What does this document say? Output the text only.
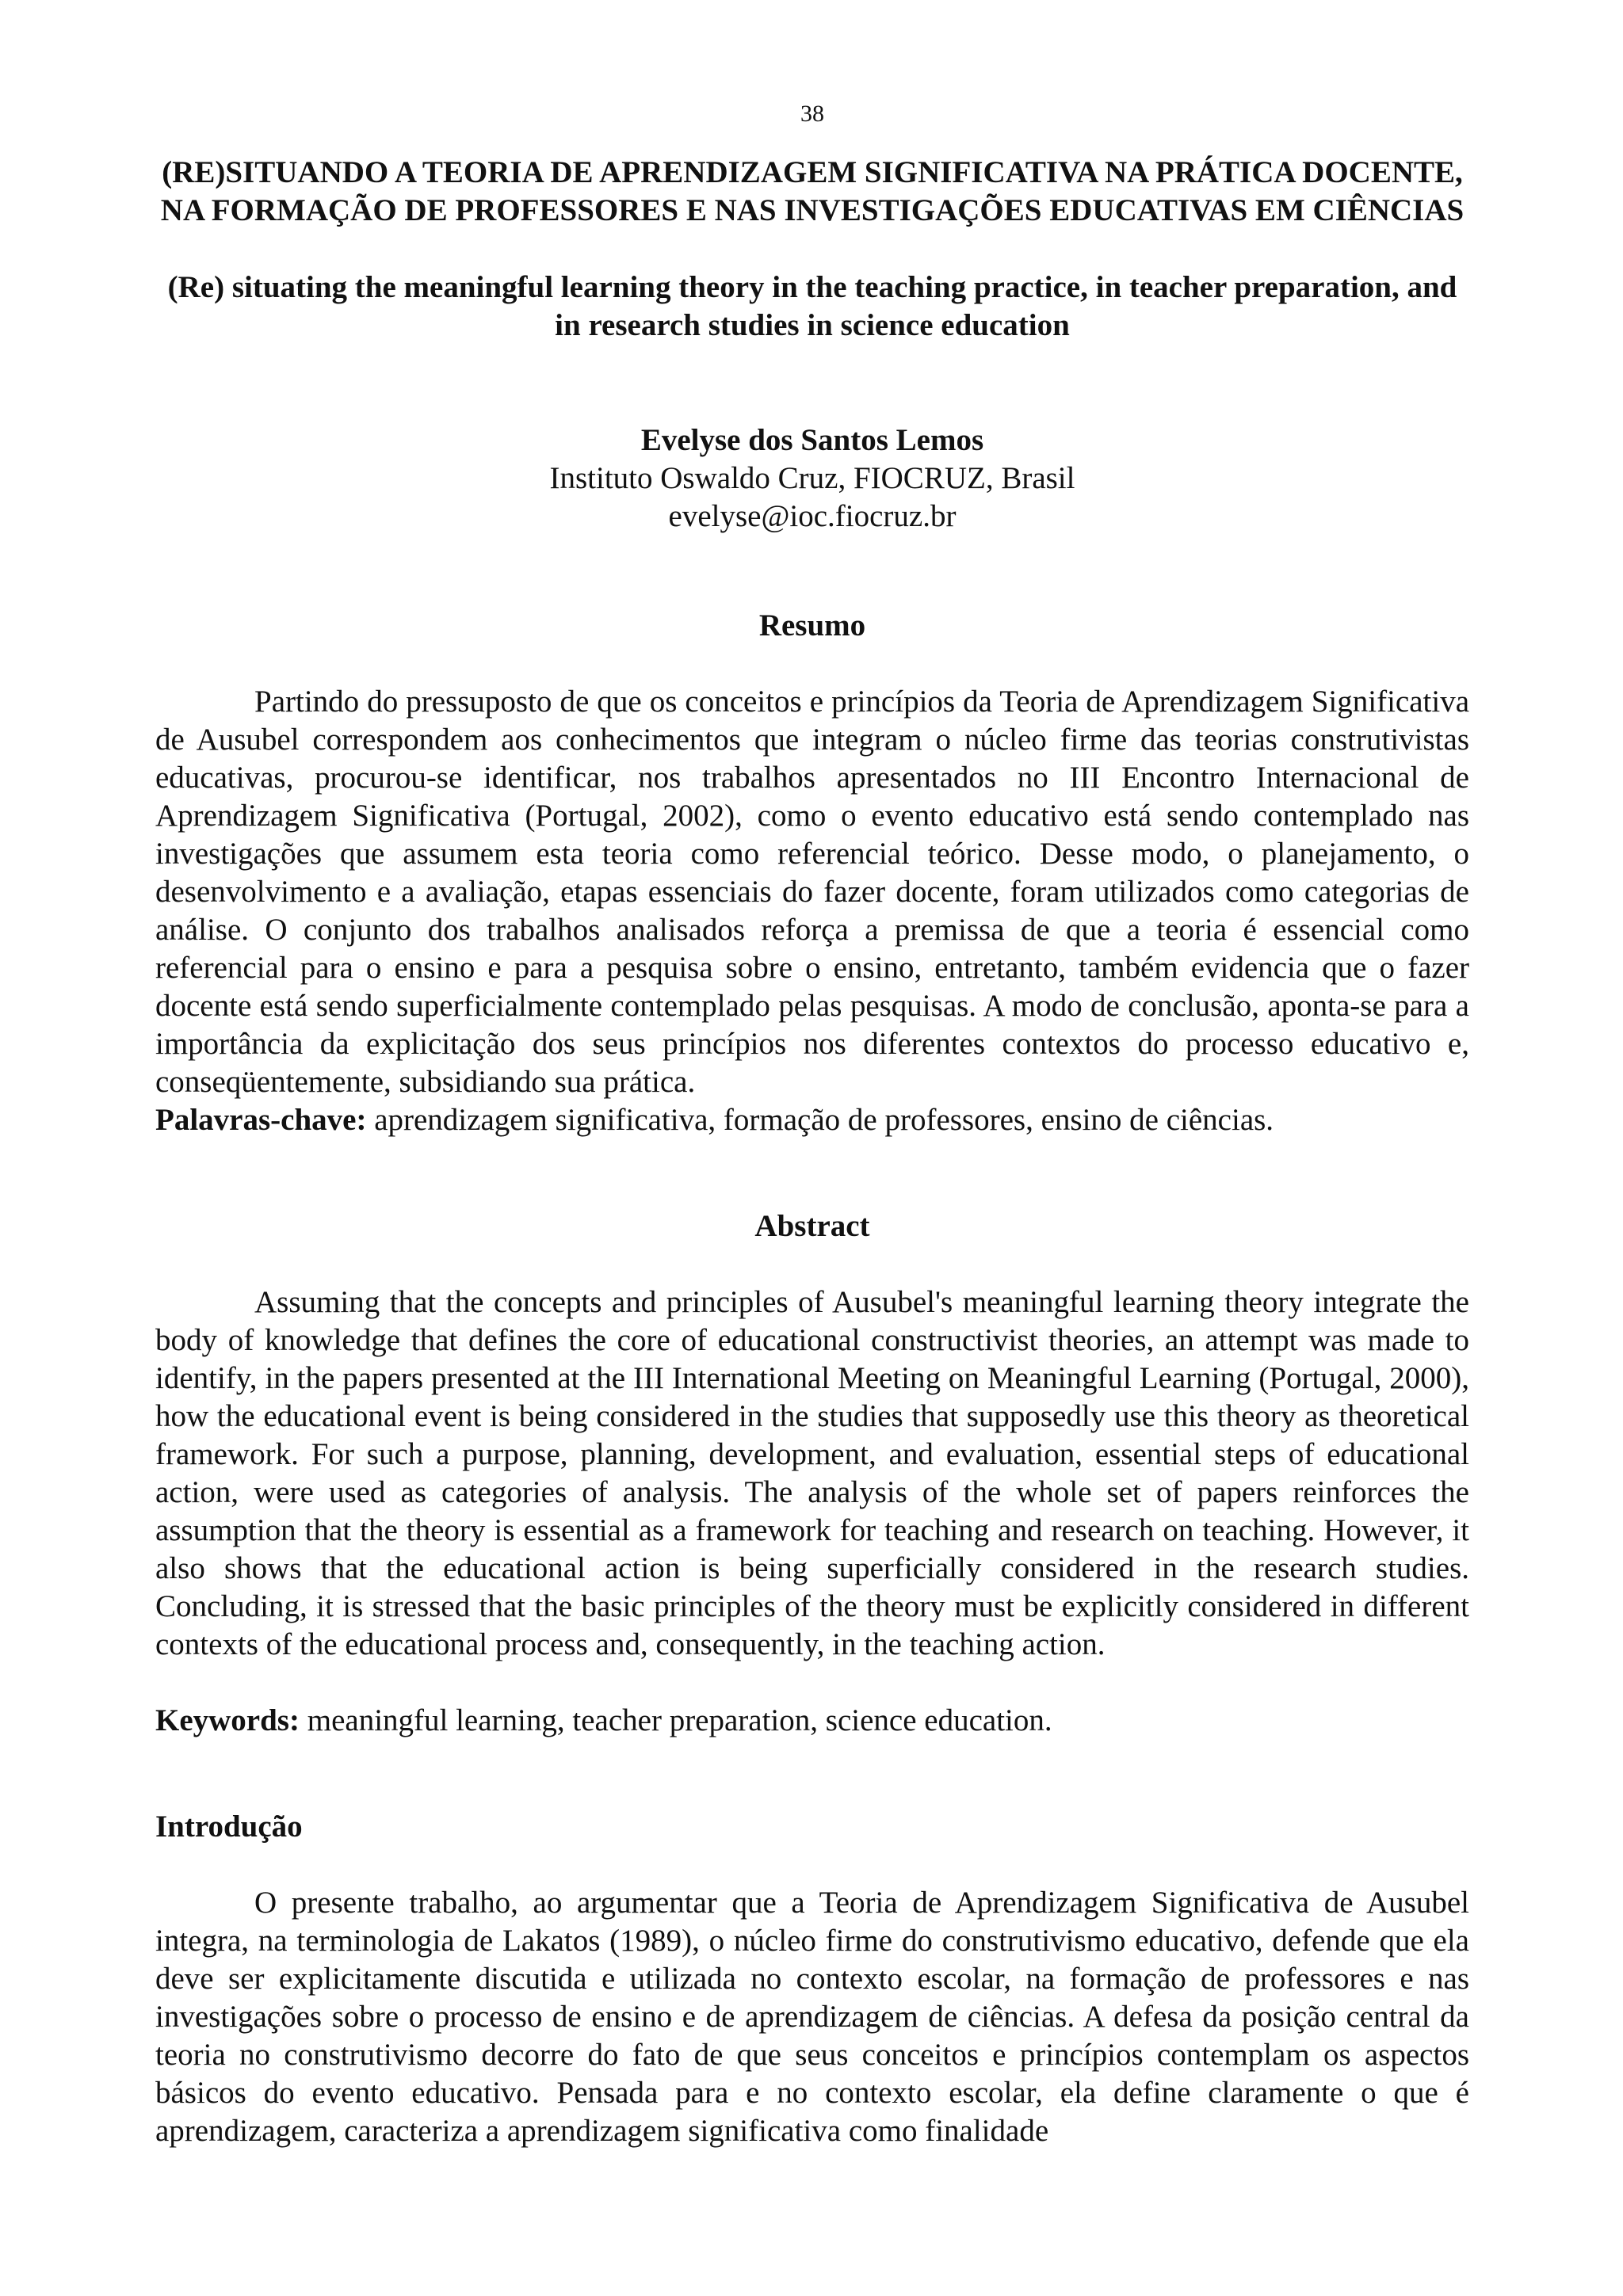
38
(RE)SITUANDO A TEORIA DE APRENDIZAGEM SIGNIFICATIVA NA PRÁTICA DOCENTE, NA FORMAÇÃO DE PROFESSORES E NAS INVESTIGAÇÕES EDUCATIVAS EM CIÊNCIAS
(Re) situating the meaningful learning theory in the teaching practice, in teacher preparation, and in research studies in science education
Evelyse dos Santos Lemos
Instituto Oswaldo Cruz, FIOCRUZ, Brasil
evelyse@ioc.fiocruz.br
Resumo
Partindo do pressuposto de que os conceitos e princípios da Teoria de Aprendizagem Significativa de Ausubel correspondem aos conhecimentos que integram o núcleo firme das teorias construtivistas educativas, procurou-se identificar, nos trabalhos apresentados no III Encontro Internacional de Aprendizagem Significativa (Portugal, 2002), como o evento educativo está sendo contemplado nas investigações que assumem esta teoria como referencial teórico. Desse modo, o planejamento, o desenvolvimento e a avaliação, etapas essenciais do fazer docente, foram utilizados como categorias de análise. O conjunto dos trabalhos analisados reforça a premissa de que a teoria é essencial como referencial para o ensino e para a pesquisa sobre o ensino, entretanto, também evidencia que o fazer docente está sendo superficialmente contemplado pelas pesquisas. A modo de conclusão, aponta-se para a importância da explicitação dos seus princípios nos diferentes contextos do processo educativo e, conseqüentemente, subsidiando sua prática.
Palavras-chave: aprendizagem significativa, formação de professores, ensino de ciências.
Abstract
Assuming that the concepts and principles of Ausubel's meaningful learning theory integrate the body of knowledge that defines the core of educational constructivist theories, an attempt was made to identify, in the papers presented at the III International Meeting on Meaningful Learning (Portugal, 2000), how the educational event is being considered in the studies that supposedly use this theory as theoretical framework. For such a purpose, planning, development, and evaluation, essential steps of educational action, were used as categories of analysis. The analysis of the whole set of papers reinforces the assumption that the theory is essential as a framework for teaching and research on teaching. However, it also shows that the educational action is being superficially considered in the research studies. Concluding, it is stressed that the basic principles of the theory must be explicitly considered in different contexts of the educational process and, consequently, in the teaching action.
Keywords: meaningful learning, teacher preparation, science education.
Introdução
O presente trabalho, ao argumentar que a Teoria de Aprendizagem Significativa de Ausubel integra, na terminologia de Lakatos (1989), o núcleo firme do construtivismo educativo, defende que ela deve ser explicitamente discutida e utilizada no contexto escolar, na formação de professores e nas investigações sobre o processo de ensino e de aprendizagem de ciências. A defesa da posição central da teoria no construtivismo decorre do fato de que seus conceitos e princípios contemplam os aspectos básicos do evento educativo. Pensada para e no contexto escolar, ela define claramente o que é aprendizagem, caracteriza a aprendizagem significativa como finalidade
